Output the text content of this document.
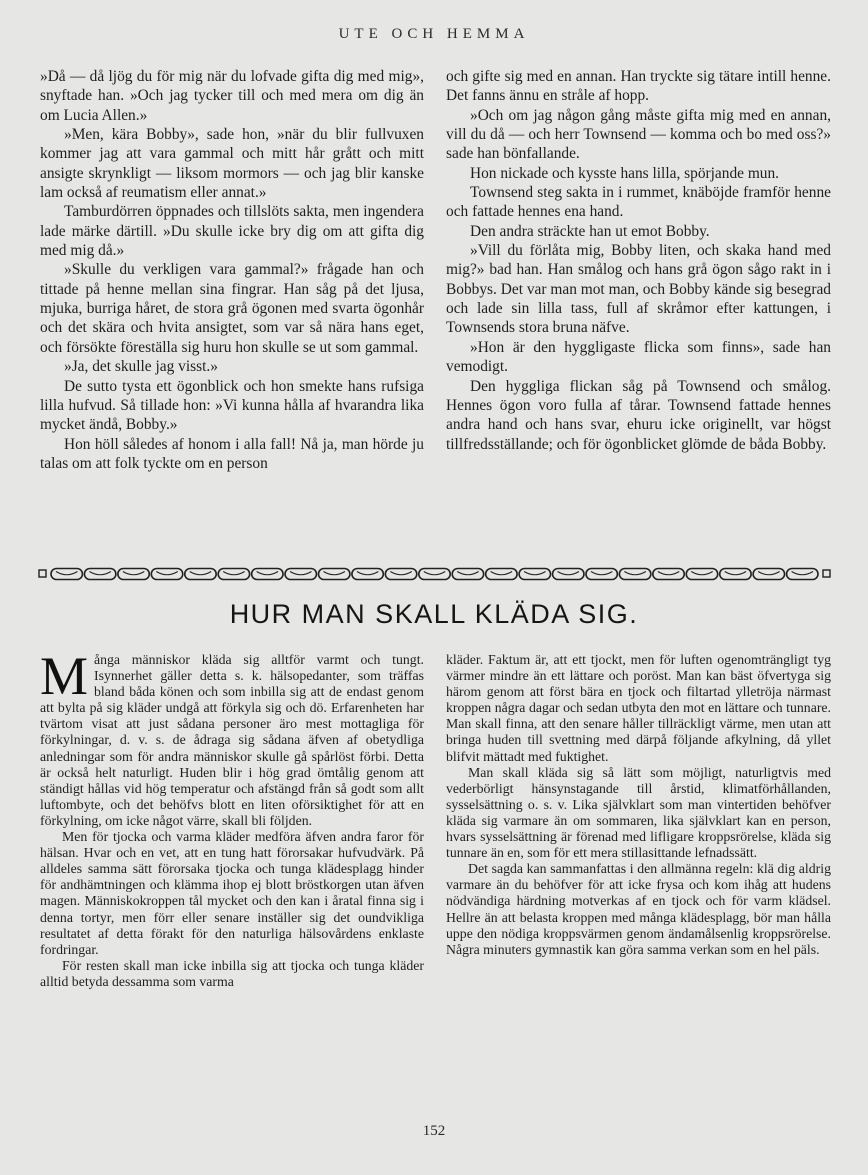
UTE OCH HEMMA

»Då — då ljög du för mig när du lofvade gifta dig med mig», snyftade han. »Och jag tycker till och med mera om dig än om Lucia Allen.»

»Men, kära Bobby», sade hon, »när du blir fullvuxen kommer jag att vara gammal och mitt hår grått och mitt ansigte skrynkligt — liksom mormors — och jag blir kanske lam också af reumatism eller annat.»

Tamburdörren öppnades och tillslöts sakta, men ingendera lade märke därtill. »Du skulle icke bry dig om att gifta dig med mig då.»

»Skulle du verkligen vara gammal?» frågade han och tittade på henne mellan sina fingrar. Han såg på det ljusa, mjuka, burriga håret, de stora grå ögonen med svarta ögonhår och det skära och hvita ansigtet, som var så nära hans eget, och försökte föreställa sig huru hon skulle se ut som gammal.

»Ja, det skulle jag visst.»

De sutto tysta ett ögonblick och hon smekte hans rufsiga lilla hufvud. Så tillade hon: »Vi kunna hålla af hvarandra lika mycket ändå, Bobby.»

Hon höll således af honom i alla fall! Nå ja, man hörde ju talas om att folk tyckte om en person

och gifte sig med en annan. Han tryckte sig tätare intill henne. Det fanns ännu en stråle af hopp.

»Och om jag någon gång måste gifta mig med en annan, vill du då — och herr Townsend — komma och bo med oss?» sade han bönfallande.

Hon nickade och kysste hans lilla, spörjande mun.

Townsend steg sakta in i rummet, knäböjde framför henne och fattade hennes ena hand.

Den andra sträckte han ut emot Bobby.

»Vill du förlåta mig, Bobby liten, och skaka hand med mig?» bad han. Han smålog och hans grå ögon sågo rakt in i Bobbys. Det var man mot man, och Bobby kände sig besegrad och lade sin lilla tass, full af skråmor efter kattungen, i Townsends stora bruna näfve.

»Hon är den hyggligaste flicka som finns», sade han vemodigt.

Den hyggliga flickan såg på Townsend och smålog. Hennes ögon voro fulla af tårar. Townsend fattade hennes andra hand och hans svar, ehuru icke originellt, var högst tillfredsställande; och för ögonblicket glömde de båda Bobby.

HUR MAN SKALL KLÄDA SIG.

Många människor kläda sig alltför varmt och tungt. Isynnerhet gäller detta s. k. hälsopedanter, som träffas bland båda könen och som inbilla sig att de endast genom att bylta på sig kläder undgå att förkyla sig och dö. Erfarenheten har tvärtom visat att just sådana personer äro mest mottagliga för förkylningar, d. v. s. de ådraga sig sådana äfven af obetydliga anledningar som för andra människor skulle gå spårlöst förbi. Detta är också helt naturligt. Huden blir i hög grad ömtålig genom att ständigt hållas vid hög temperatur och afstängd från så godt som allt luftombyte, och det behöfvs blott en liten oförsiktighet för att en förkylning, om icke något värre, skall bli följden.

Men för tjocka och varma kläder medföra äfven andra faror för hälsan. Hvar och en vet, att en tung hatt förorsakar hufvudvärk. På alldeles samma sätt förorsaka tjocka och tunga klädesplagg hinder för andhämtningen och klämma ihop ej blott bröstkorgen utan äfven magen. Människokroppen tål mycket och den kan i åratal finna sig i denna tortyr, men förr eller senare inställer sig det oundvikliga resultatet af detta förakt för den naturliga hälsovårdens enklaste fordringar.

För resten skall man icke inbilla sig att tjocka och tunga kläder alltid betyda dessamma som varma

kläder. Faktum är, att ett tjockt, men för luften ogenomträngligt tyg värmer mindre än ett lättare och poröst. Man kan bäst öfvertyga sig härom genom att först bära en tjock och filtartad ylletröja närmast kroppen några dagar och sedan utbyta den mot en lättare och tunnare. Man skall finna, att den senare håller tillräckligt värme, men utan att bringa huden till svettning med därpå följande afkylning, då yllet blifvit mättadt med fuktighet.

Man skall kläda sig så lätt som möjligt, naturligtvis med vederbörligt hänsynstagande till årstid, klimatförhållanden, sysselsättning o. s. v. Lika självklart som man vintertiden behöfver kläda sig varmare än om sommaren, lika självklart kan en person, hvars sysselsättning är förenad med lifligare kroppsrörelse, kläda sig tunnare än en, som för ett mera stillasittande lefnadssätt.

Det sagda kan sammanfattas i den allmänna regeln: klä dig aldrig varmare än du behöfver för att icke frysa och kom ihåg att hudens nödvändiga härdning motverkas af en tjock och för varm klädsel. Hellre än att belasta kroppen med många klädesplagg, bör man hålla uppe den nödiga kroppsvärmen genom ändamålsenlig kroppsrörelse. Några minuters gymnastik kan göra samma verkan som en hel päls.

152
